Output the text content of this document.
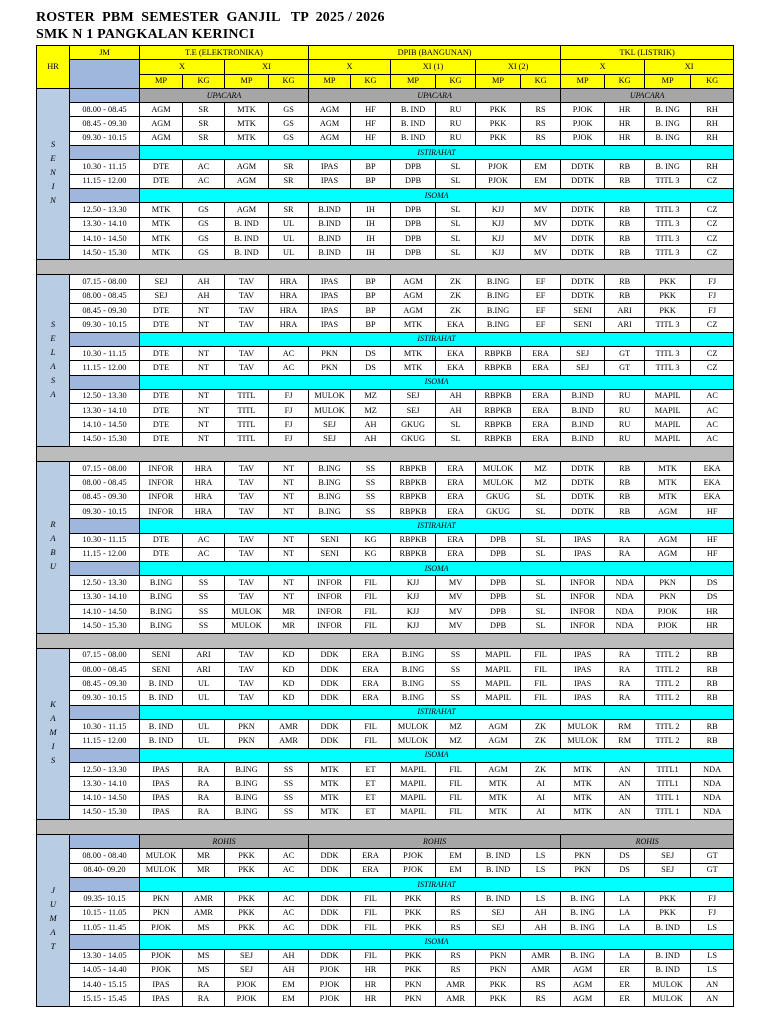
ROSTER  PBM  SEMESTER  GANJIL   TP  2025 / 2026
SMK N 1 PANGKALAN KERINCI
HR	JM	T.E (ELEKTRONIKA)				DPIB (BANGUNAN)						TKL (LISTRIK)			
		X		XI		X		XI (1)		XI (2)		X		XI	
		MP	KG	MP	KG	MP	KG	MP	KG	MP	KG	MP	KG	MP	KG

SENIN		UPACARA				UPACARA						UPACARA			
	08.00 - 08.45	AGM	SR	MTK	GS	AGM	HF	B. IND	RU	PKK	RS	PJOK	HR	B. ING	RH
	08.45 - 09.30	AGM	SR	MTK	GS	AGM	HF	B. IND	RU	PKK	RS	PJOK	HR	B. ING	RH
	09.30 - 10.15	AGM	SR	MTK	GS	AGM	HF	B. IND	RU	PKK	RS	PJOK	HR	B. ING	RH
		ISTIRAHAT													
	10.30 - 11.15	DTE	AC	AGM	SR	IPAS	BP	DPB	SL	PJOK	EM	DDTK	RB	B. ING	RH
	11.15 - 12.00	DTE	AC	AGM	SR	IPAS	BP	DPB	SL	PJOK	EM	DDTK	RB	TITL 3	CZ
		ISOMA													
	12.50 - 13.30	MTK	GS	AGM	SR	B.IND	IH	DPB	SL	KJJ	MV	DDTK	RB	TITL 3	CZ
	13.30 - 14.10	MTK	GS	B. IND	UL	B.IND	IH	DPB	SL	KJJ	MV	DDTK	RB	TITL 3	CZ
	14.10 - 14.50	MTK	GS	B. IND	UL	B.IND	IH	DPB	SL	KJJ	MV	DDTK	RB	TITL 3	CZ
	14.50 - 15.30	MTK	GS	B. IND	UL	B.IND	IH	DPB	SL	KJJ	MV	DDTK	RB	TITL 3	CZ

SELASA	07.15 - 08.00	SEJ	AH	TAV	HRA	IPAS	BP	AGM	ZK	B.ING	EF	DDTK	RB	PKK	FJ
	08.00 - 08.45	SEJ	AH	TAV	HRA	IPAS	BP	AGM	ZK	B.ING	EF	DDTK	RB	PKK	FJ
	08.45 - 09.30	DTE	NT	TAV	HRA	IPAS	BP	AGM	ZK	B.ING	EF	SENI	ARI	PKK	FJ
	09.30 - 10.15	DTE	NT	TAV	HRA	IPAS	BP	MTK	EKA	B.ING	EF	SENI	ARI	TITL 3	CZ
		ISTIRAHAT													
	10.30 - 11.15	DTE	NT	TAV	AC	PKN	DS	MTK	EKA	RBPKB	ERA	SEJ	GT	TITL 3	CZ
	11.15 - 12.00	DTE	NT	TAV	AC	PKN	DS	MTK	EKA	RBPKB	ERA	SEJ	GT	TITL 3	CZ
		ISOMA													
	12.50 - 13.30	DTE	NT	TITL	FJ	MULOK	MZ	SEJ	AH	RBPKB	ERA	B.IND	RU	MAPIL	AC
	13.30 - 14.10	DTE	NT	TITL	FJ	MULOK	MZ	SEJ	AH	RBPKB	ERA	B.IND	RU	MAPIL	AC
	14.10 - 14.50	DTE	NT	TITL	FJ	SEJ	AH	GKUG	SL	RBPKB	ERA	B.IND	RU	MAPIL	AC
	14.50 - 15.30	DTE	NT	TITL	FJ	SEJ	AH	GKUG	SL	RBPKB	ERA	B.IND	RU	MAPIL	AC

RABU	07.15 - 08.00	INFOR	HRA	TAV	NT	B.ING	SS	RBPKB	ERA	MULOK	MZ	DDTK	RB	MTK	EKA
	08.00 - 08.45	INFOR	HRA	TAV	NT	B.ING	SS	RBPKB	ERA	MULOK	MZ	DDTK	RB	MTK	EKA
	08.45 - 09.30	INFOR	HRA	TAV	NT	B.ING	SS	RBPKB	ERA	GKUG	SL	DDTK	RB	MTK	EKA
	09.30 - 10.15	INFOR	HRA	TAV	NT	B.ING	SS	RBPKB	ERA	GKUG	SL	DDTK	RB	AGM	HF
		ISTIRAHAT													
	10.30 - 11.15	DTE	AC	TAV	NT	SENI	KG	RBPKB	ERA	DPB	SL	IPAS	RA	AGM	HF
	11.15 - 12.00	DTE	AC	TAV	NT	SENI	KG	RBPKB	ERA	DPB	SL	IPAS	RA	AGM	HF
		ISOMA													
	12.50 - 13.30	B.ING	SS	TAV	NT	INFOR	FIL	KJJ	MV	DPB	SL	INFOR	NDA	PKN	DS
	13.30 - 14.10	B.ING	SS	TAV	NT	INFOR	FIL	KJJ	MV	DPB	SL	INFOR	NDA	PKN	DS
	14.10 - 14.50	B.ING	SS	MULOK	MR	INFOR	FIL	KJJ	MV	DPB	SL	INFOR	NDA	PJOK	HR
	14.50 - 15.30	B.ING	SS	MULOK	MR	INFOR	FIL	KJJ	MV	DPB	SL	INFOR	NDA	PJOK	HR

KAMIS	07.15 - 08.00	SENI	ARI	TAV	KD	DDK	ERA	B.ING	SS	MAPIL	FIL	IPAS	RA	TITL 2	RB
	08.00 - 08.45	SENI	ARI	TAV	KD	DDK	ERA	B.ING	SS	MAPIL	FIL	IPAS	RA	TITL 2	RB
	08.45 - 09.30	B. IND	UL	TAV	KD	DDK	ERA	B.ING	SS	MAPIL	FIL	IPAS	RA	TITL 2	RB
	09.30 - 10.15	B. IND	UL	TAV	KD	DDK	ERA	B.ING	SS	MAPIL	FIL	IPAS	RA	TITL 2	RB
		ISTIRAHAT													
	10.30 - 11.15	B. IND	UL	PKN	AMR	DDK	FIL	MULOK	MZ	AGM	ZK	MULOK	RM	TITL 2	RB
	11.15 - 12.00	B. IND	UL	PKN	AMR	DDK	FIL	MULOK	MZ	AGM	ZK	MULOK	RM	TITL 2	RB
		ISOMA													
	12.50 - 13.30	IPAS	RA	B.ING	SS	MTK	ET	MAPIL	FIL	AGM	ZK	MTK	AN	TITL1	NDA
	13.30 - 14.10	IPAS	RA	B.ING	SS	MTK	ET	MAPIL	FIL	MTK	AI	MTK	AN	TITL1	NDA
	14.10 - 14.50	IPAS	RA	B.ING	SS	MTK	ET	MAPIL	FIL	MTK	AI	MTK	AN	TITL 1	NDA
	14.50 - 15.30	IPAS	RA	B.ING	SS	MTK	ET	MAPIL	FIL	MTK	AI	MTK	AN	TITL 1	NDA

JUMAT		ROHIS				ROHIS						ROHIS			
	08.00 - 08.40	MULOK	MR	PKK	AC	DDK	ERA	PJOK	EM	B. IND	LS	PKN	DS	SEJ	GT
	08.40- 09.20	MULOK	MR	PKK	AC	DDK	ERA	PJOK	EM	B. IND	LS	PKN	DS	SEJ	GT
		ISTIRAHAT													
	09.35- 10.15	PKN	AMR	PKK	AC	DDK	FIL	PKK	RS	B. IND	LS	B. ING	LA	PKK	FJ
	10.15 - 11.05	PKN	AMR	PKK	AC	DDK	FIL	PKK	RS	SEJ	AH	B. ING	LA	PKK	FJ
	11.05 - 11.45	PJOK	MS	PKK	AC	DDK	FIL	PKK	RS	SEJ	AH	B. ING	LA	B. IND	LS
		ISOMA													
	13.30 - 14.05	PJOK	MS	SEJ	AH	DDK	FIL	PKK	RS	PKN	AMR	B. ING	LA	B. IND	LS
	14.05 - 14.40	PJOK	MS	SEJ	AH	PJOK	HR	PKK	RS	PKN	AMR	AGM	ER	B. IND	LS
	14.40 - 15.15	IPAS	RA	PJOK	EM	PJOK	HR	PKN	AMR	PKK	RS	AGM	ER	MULOK	AN
	15.15 - 15.45	IPAS	RA	PJOK	EM	PJOK	HR	PKN	AMR	PKK	RS	AGM	ER	MULOK	AN
